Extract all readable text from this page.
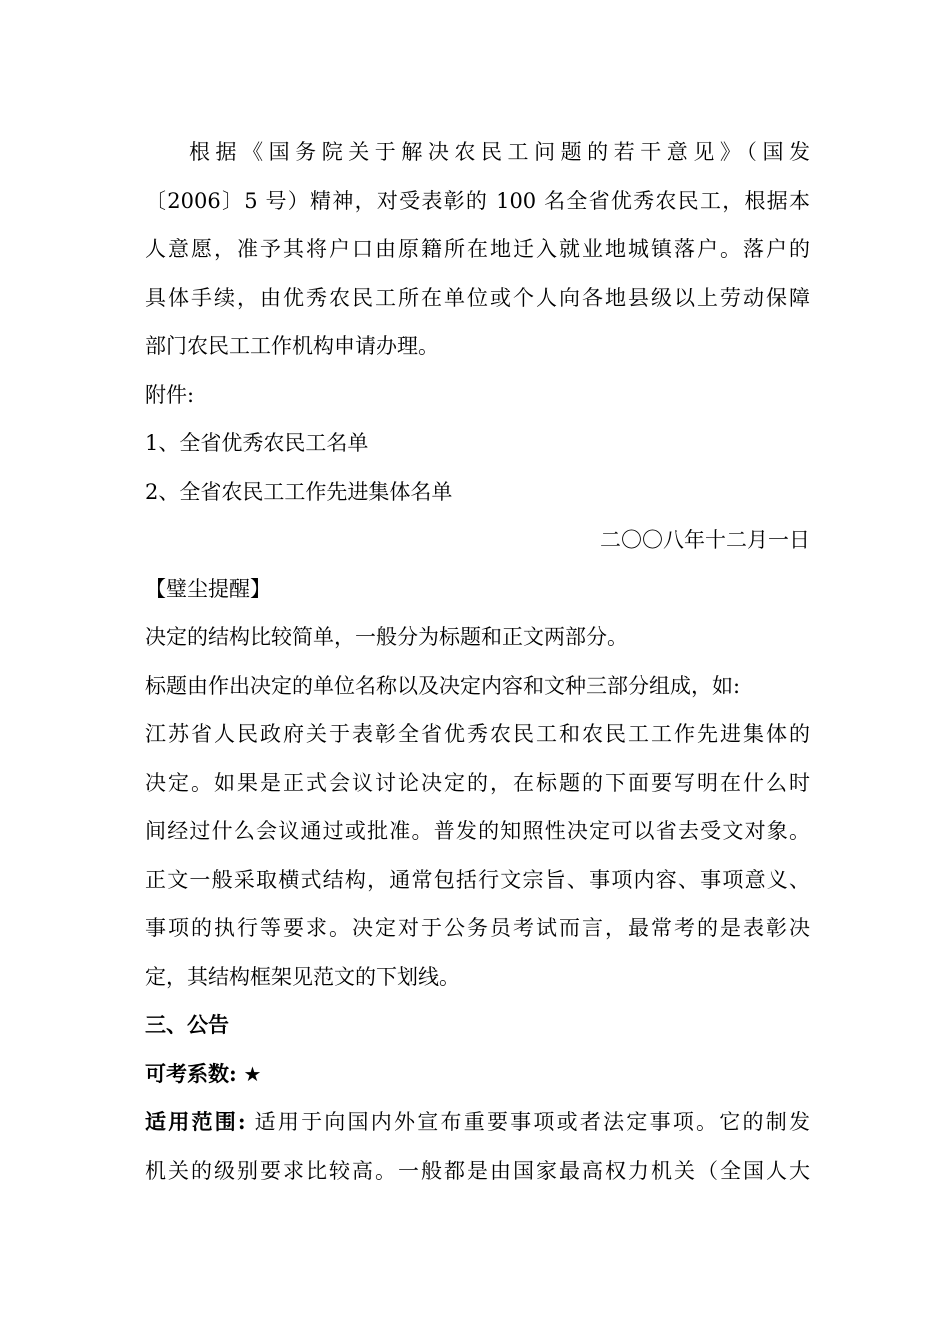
根据《国务院关于解决农民工问题的若干意见》（国发
〔2006〕5 号）精神，对受表彰的 100 名全省优秀农民工，根据本
人意愿，准予其将户口由原籍所在地迁入就业地城镇落户。落户的
具体手续，由优秀农民工所在单位或个人向各地县级以上劳动保障
部门农民工工作机构申请办理。
附件:
1、全省优秀农民工名单
2、全省农民工工作先进集体名单
二〇〇八年十二月一日
【璧尘提醒】
决定的结构比较简单，一般分为标题和正文两部分。
标题由作出决定的单位名称以及决定内容和文种三部分组成，如:
江苏省人民政府关于表彰全省优秀农民工和农民工工作先进集体的
决定。如果是正式会议讨论决定的，在标题的下面要写明在什么时
间经过什么会议通过或批准。普发的知照性决定可以省去受文对象。
正文一般采取横式结构，通常包括行文宗旨、事项内容、事项意义、
事项的执行等要求。决定对于公务员考试而言，最常考的是表彰决
定，其结构框架见范文的下划线。
三、公告
可考系数: ★
适用范围: 适用于向国内外宣布重要事项或者法定事项。它的制发
机关的级别要求比较高。一般都是由国家最高权力机关（全国人大
